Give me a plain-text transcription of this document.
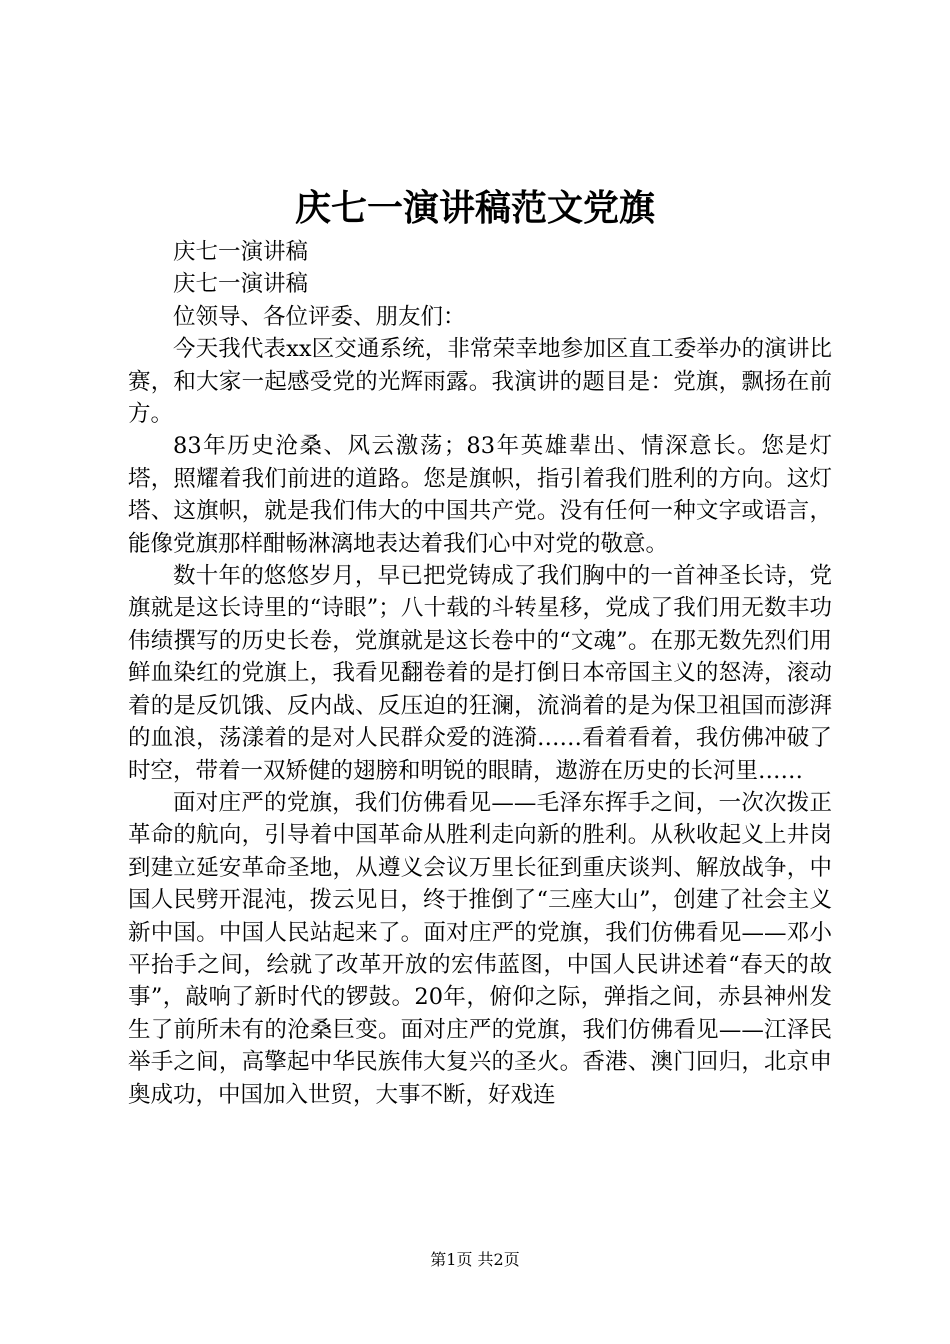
庆七一演讲稿范文党旗

庆七一演讲稿

庆七一演讲稿

位领导、各位评委、朋友们：

今天我代表xx区交通系统，非常荣幸地参加区直工委举办的演讲比赛，和大家一起感受党的光辉雨露。我演讲的题目是：党旗，飘扬在前方。

83年历史沧桑、风云激荡；83年英雄辈出、情深意长。您是灯塔，照耀着我们前进的道路。您是旗帜，指引着我们胜利的方向。这灯塔、这旗帜，就是我们伟大的中国共产党。没有任何一种文字或语言，能像党旗那样酣畅淋漓地表达着我们心中对党的敬意。

数十年的悠悠岁月，早已把党铸成了我们胸中的一首神圣长诗，党旗就是这长诗里的“诗眼”；八十载的斗转星移，党成了我们用无数丰功伟绩撰写的历史长卷，党旗就是这长卷中的“文魂”。在那无数先烈们用鲜血染红的党旗上，我看见翻卷着的是打倒日本帝国主义的怒涛，滚动着的是反饥饿、反内战、反压迫的狂澜，流淌着的是为保卫祖国而澎湃的血浪，荡漾着的是对人民群众爱的涟漪……看着看着，我仿佛冲破了时空，带着一双矫健的翅膀和明锐的眼睛，遨游在历史的长河里……

面对庄严的党旗，我们仿佛看见——毛泽东挥手之间，一次次拨正革命的航向，引导着中国革命从胜利走向新的胜利。从秋收起义上井岗到建立延安革命圣地，从遵义会议万里长征到重庆谈判、解放战争，中国人民劈开混沌，拨云见日，终于推倒了“三座大山”，创建了社会主义新中国。中国人民站起来了。面对庄严的党旗，我们仿佛看见——邓小平抬手之间，绘就了改革开放的宏伟蓝图，中国人民讲述着“春天的故事”，敲响了新时代的锣鼓。20年，俯仰之际，弹指之间，赤县神州发生了前所未有的沧桑巨变。面对庄严的党旗，我们仿佛看见——江泽民举手之间，高擎起中华民族伟大复兴的圣火。香港、澳门回归，北京申奥成功，中国加入世贸，大事不断，好戏连

第1页 共2页
